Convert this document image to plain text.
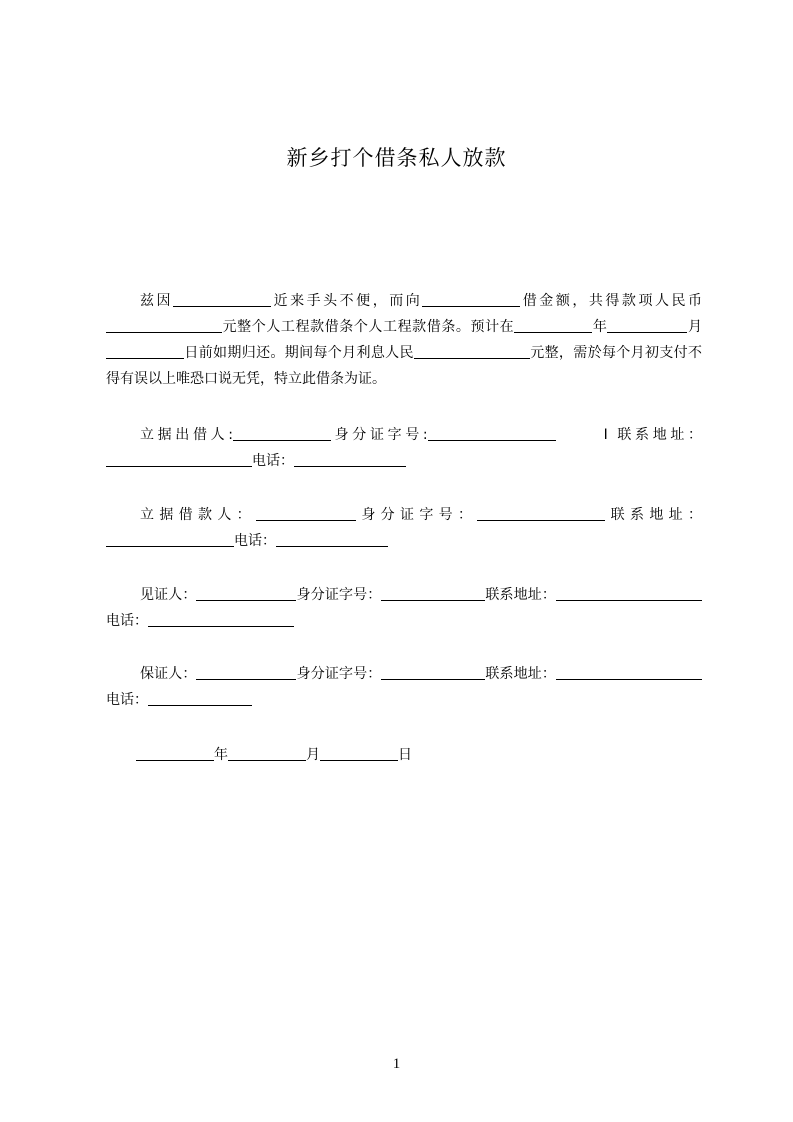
新乡打个借条私人放款

兹因	近来手头不便，而向	借金额，共得款项人民币元整个人工程款借条个人工程款借条。预计在	年	月日前如期归还。期间每个月利息人民	元整，需於每个月初支付不得有误以上唯恐口说无凭，特立此借条为证。

立据出借人:	身分证字号:	I 联系地址：电话：

立据借款人：	身分证字号：	联系地址：电话：

见证人：	身分证字号：	联系地址：电话：

保证人：	身分证字号：	联系地址：电话：

年	月	日

1
